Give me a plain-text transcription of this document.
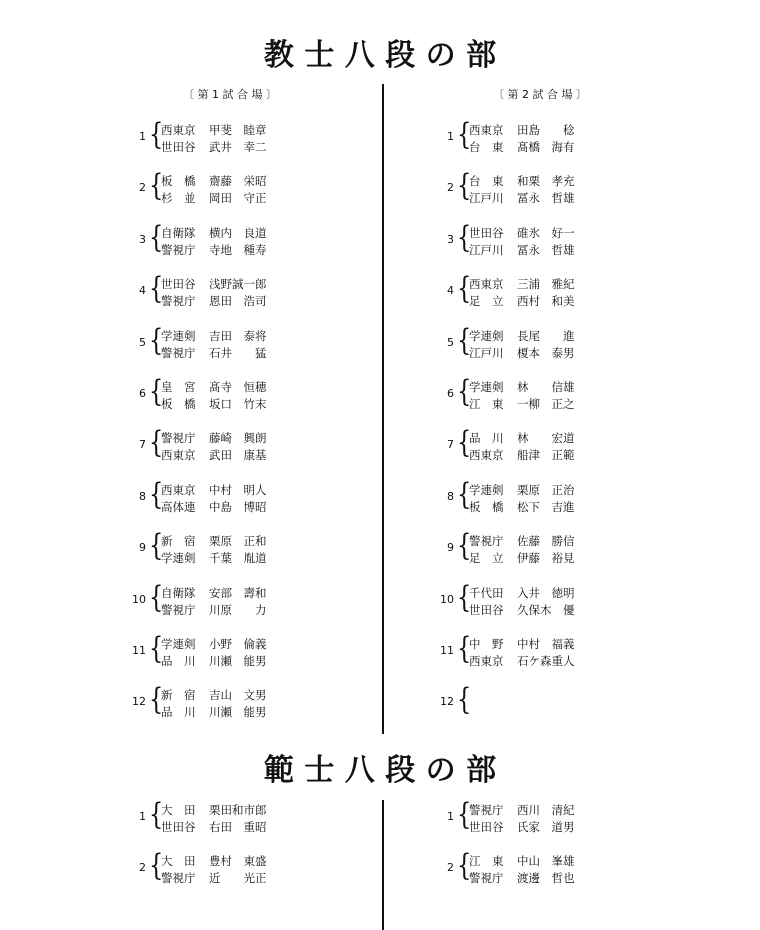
教 士 八 段 の 部
〔 第 1 試 合 場 〕	〔 第 2 試 合 場 〕
1 {
西東京 甲斐　睦章
世田谷 武井　幸二
2 {
板　橋 齋藤　栄昭
杉　並 岡田　守正
3 {
自衛隊 横内　良道
警視庁 寺地　種寿
4 {
世田谷 浅野誠一郎
警視庁 恩田　浩司
5 {
学連剣 吉田　泰将
警視庁 石井　　猛
6 {
皇　宮 髙寺　恒穂
板　橋 坂口　竹末
7 {
警視庁 藤崎　興朗
西東京 武田　康基
8 {
西東京 中村　明人
高体連 中島　博昭
9 {
新　宿 栗原　正和
学連剣 千葉　胤道
10 {
自衛隊 安部　壽和
警視庁 川原　　力
11 {
学連剣 小野　倫義
品　川 川瀬　能男
12 {
新　宿 吉山　文男
品　川 川瀬　能男
1 {
西東京 田島　　稔
台　東 髙橋　海有
2 {
台　東 和栗　孝充
江戸川 冨永　哲雄
3 {
世田谷 碓氷　好一
江戸川 冨永　哲雄
4 {
西東京 三浦　雅紀
足　立 西村　和美
5 {
学連剣 長尾　　進
江戸川 榎本　泰男
6 {
学連剣 林　　信雄
江　東 一柳　正之
7 {
品　川 林　　宏道
西東京 船津　正範
8 {
学連剣 栗原　正治
板　橋 松下　吉進
9 {
警視庁 佐藤　勝信
足　立 伊藤　裕見
10 {
千代田 入井　徳明
世田谷 久保木　優
11 {
中　野 中村　福義
西東京 石ケ森重人
12 {
範 士 八 段 の 部
1 {
大　田 栗田和市郎
世田谷 右田　重昭
2 {
大　田 豊村　東盛
警視庁 近　　光正
1 {
警視庁 西川　清紀
世田谷 氏家　道男
2 {
江　東 中山　峯雄
警視庁 渡邊　哲也
